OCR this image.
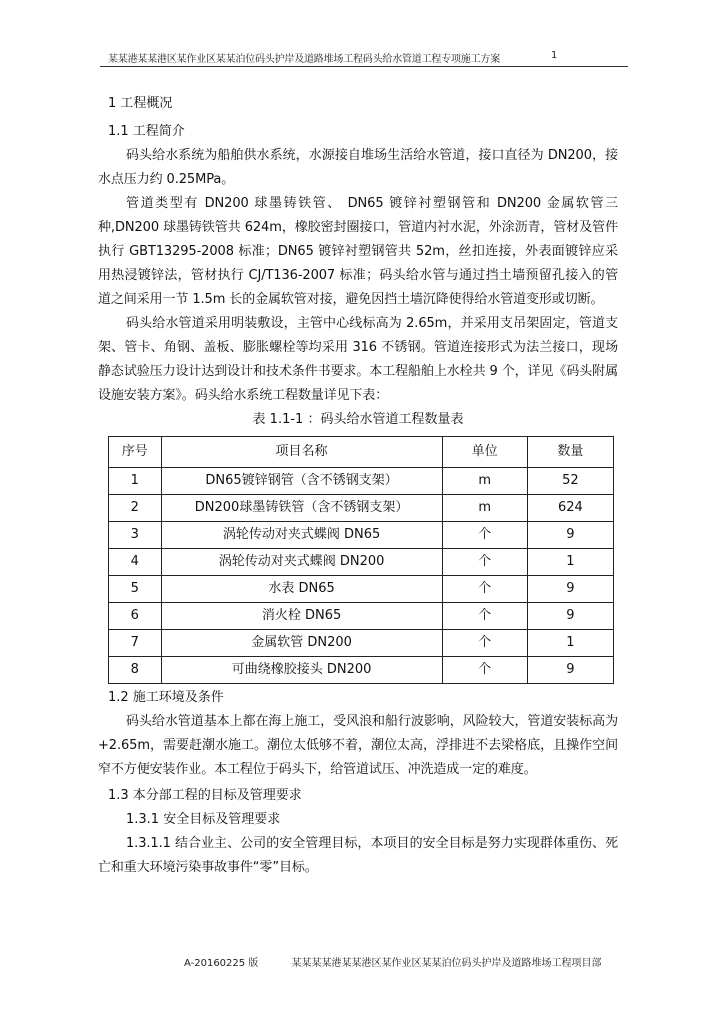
某某港某某港区某作业区某某泊位码头护岸及道路堆场工程码头给水管道工程专项施工方案	1
1 工程概况
1.1 工程简介

码头给水系统为船舶供水系统，水源接自堆场生活给水管道，接口直径为 DN200，接水点压力约 0.25MPa。

管道类型有 DN200 球墨铸铁管、 DN65 镀锌衬塑钢管和 DN200 金属软管三种,DN200 球墨铸铁管共 624m，橡胶密封圈接口，管道内衬水泥，外涂沥青，管材及管件执行 GBT13295-2008 标准；DN65 镀锌衬塑钢管共 52m，丝扣连接，外表面镀锌应采用热浸镀锌法，管材执行 CJ/T136-2007 标准；码头给水管与通过挡土墙预留孔接入的管道之间采用一节 1.5m 长的金属软管对接，避免因挡土墙沉降使得给水管道变形或切断。

码头给水管道采用明装敷设，主管中心线标高为 2.65m，并采用支吊架固定，管道支架、管卡、角钢、盖板、膨胀螺栓等均采用 316 不锈钢。管道连接形式为法兰接口，现场静态试验压力设计达到设计和技术条件书要求。本工程船舶上水栓共 9 个，详见《码头附属设施安装方案》。码头给水系统工程数量详见下表：

表 1.1-1 ：码头给水管道工程数量表
序号	项目名称	单位	数量
1	DN65镀锌钢管（含不锈钢支架）	m	52
2	DN200球墨铸铁管（含不锈钢支架）	m	624
3	涡轮传动对夹式蝶阀 DN65	个	9
4	涡轮传动对夹式蝶阀 DN200	个	1
5	水表 DN65	个	9
6	消火栓 DN65	个	9
7	金属软管 DN200	个	1
8	可曲绕橡胶接头 DN200	个	9
1.2 施工环境及条件

码头给水管道基本上都在海上施工，受风浪和船行波影响，风险较大，管道安装标高为 +2.65m，需要赶潮水施工。潮位太低够不着，潮位太高，浮排进不去梁格底，且操作空间窄不方便安装作业。本工程位于码头下，给管道试压、冲洗造成一定的难度。

1.3 本分部工程的目标及管理要求
1.3.1 安全目标及管理要求

1.3.1.1 结合业主、公司的安全管理目标，本项目的安全目标是努力实现群体重伤、死亡和重大环境污染事故事件“零”目标。

A-20160225 版	某某某某港某某港区某作业区某某泊位码头护岸及道路堆场工程项目部
